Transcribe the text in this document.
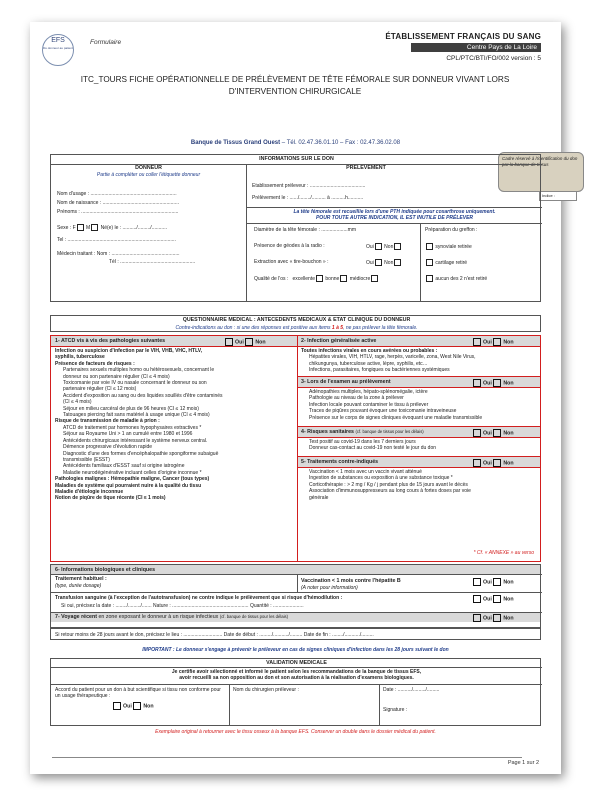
EFS
Du donneur au patient
Formulaire
ÉTABLISSEMENT FRANÇAIS DU SANG
Centre Pays de La Loire
CPL/PTC/BTI/FO/002 version : 5
ITC_TOURS FICHE OPÉRATIONNELLE DE PRÉLÈVEMENT DE TÊTE FÉMORALE SUR DONNEUR VIVANT LORS
D'INTERVENTION CHIRURGICALE
Banque de Tissus Grand Ouest – Tél. 02.47.36.01.10 – Fax : 02.47.36.02.08
Cadre réservé à l'identification du don par la banque de tissus
Indice :
INFORMATIONS SUR LE DON
DONNEUR
Partie à compléter ou coller l'étiquette donneur
Nom d'usage : ..............................................................
Nom de naissance : .......................................................
Prénoms : ......................................................................
Sexe : F M Né(e) le : ........../........./...........
Tel : ..............................................................................
Médecin traitant : Nom : .................................................
Tél : ......................................................
PRELEVEMENT
Etablissement préleveur : ........................................
Prélèvement le : ....../......../.......... à ..........h...........
La tête fémorale est recueillie lors d'une PTH indiquée pour coxarthrose uniquement.
POUR TOUTE AUTRE INDICATION, IL EST INUTILE DE PRÉLEVER
Diamètre de la tête fémorale : ...................mm
Présence de géodes à la radio :	Oui Non
Extraction avec « tire-bouchon » :	Oui Non
Qualité de l'os : excellente bonne médiocre
Préparation du greffon :
synoviale retirée
cartilage retiré
aucun des 2 n'est retiré
QUESTIONNAIRE MEDICAL : ANTECEDENTS MEDICAUX & ETAT CLINIQUE DU DONNEUR
Contre-indications au don : si une des réponses est positive aux items 1 à 5, ne pas prélever la tête fémorale.
1- ATCD vis à vis des pathologies suivantes	Oui Non
Infection ou suspicion d'infection par le VIH, VHB, VHC, HTLV,
syphilis, tuberculose
Présence de facteurs de risques :
Partenaires sexuels multiples homo ou hétérosexuels, concernant le
donneur ou son partenaire régulier (CI ≤ 4 mois)
Toxicomanie par voie IV ou nasale concernant le donneur ou son
partenaire régulier (CI ≤ 12 mois)
Accident d'exposition au sang ou des liquides souillés d'être contaminés
(CI ≤ 4 mois)
Séjour en milieu carcéral de plus de 96 heures (CI ≤ 12 mois)
Tatouages piercing fait sans matériel à usage unique (CI ≤ 4 mois)
Risque de transmission de maladie à prion :
ATCD de traitement par hormones hypophysaires extractives *
Séjour au Royaume Uni > 1 an cumulé entre 1980 et 1996
Antécédents chirurgicaux intéressant le système nerveux central.
Démence progressive d'évolution rapide
Diagnostic d'une des formes d'encéphalopathie spongiforme subaiguë
transmissible (ESST)
Antécédents familiaux d'ESST sauf si origine iatrogène
Maladie neurodégénérative incluant celles d'origine inconnue *
Pathologies malignes : Hémopathie maligne, Cancer (tous types)
Maladies de système qui pourraient nuire à la qualité du tissu
Maladie d'étiologie inconnue
Notion de piqûre de tique récente (CI ≤ 1 mois)
2- Infection généralisée active	Oui Non
Toutes infections virales en cours avérées ou probables :
Hépatites virales, VIH, HTLV, rage, herpès, varicelle, zona, West Nile Virus,
chikungunya, tuberculose active, lèpre, syphilis, etc…
Infections, parasitaires, fongiques ou bactériennes systémiques
3- Lors de l'examen au prélèvement	Oui Non
Adénopathies multiples, hépato-splénomégalie, ictère
Pathologie au niveau de la zone à prélever
Infection locale pouvant contaminer le tissu à prélever
Traces de piqûres pouvant évoquer une toxicomanie intraveineuse
Présence sur le corps de signes cliniques évoquant une maladie transmissible
4- Risques sanitaires (cf. banque de tissus pour les délais)	Oui Non
Test positif au covid-19 dans les 7 derniers jours
Donneur cas-contact au covid-19 non testé le jour du don
5- Traitements contre-indiqués	Oui Non
Vaccination < 1 mois avec un vaccin vivant atténué
Ingestion de substances ou exposition à une substance toxique *
Corticothérapie : > 2 mg / Kg / j pendant plus de 15 jours avant le décès
Association d'immunosuppresseurs au long cours à fortes doses par voie
générale
* Cf. « ANNEXE » au verso
6- Informations biologiques et cliniques
Traitement habituel :
(type, durée dosage)
Vaccination < 1 mois contre l'hépatite B
(A noter pour information)
Oui Non
Transfusion sanguine (à l'exception de l'autotransfusion) ne contre indique le prélèvement que si risque d'hémodilution :	Oui Non
Si oui, précisez la date : ......../........./....... Nature : ....................................................... Quantité : ......................
7- Voyage récent en zone exposant le donneur à un risque infectieux (cf. banque de tissus pour les délais)	Oui Non
Si retour moins de 28 jours avant le don, précisez le lieu : ............................ Date de début : ........./.........../......... Date de fin : ......../.........../.........
IMPORTANT : Le donneur s'engage à prévenir le préleveur en cas de signes cliniques d'infection dans les 28 jours suivant le don
VALIDATION MEDICALE
Je certifie avoir sélectionné et informé le patient selon les recommandations de la banque de tissus EFS,
avoir recueilli sa non opposition au don et son autorisation à la réalisation d'examens biologiques.
Accord du patient pour un don à but scientifique si tissu non conforme pour un usage thérapeutique :
Oui Non
Nom du chirurgien préleveur :	Date : ........../........./.........
Signature :
Exemplaire original à retourner avec le tissu osseux à la banque EFS. Conserver un double dans le dossier médical du patient.
Page 1 sur 2
